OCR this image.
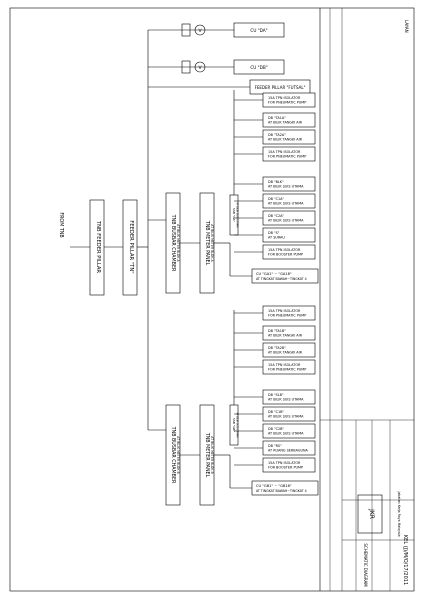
FROM TNB	TNB FEEDER PILLAR	FEEDER PILLAR "TN"
V
V
CU "DA"
CU "DB"
FEEDER PILLAR "FUTSAL"
TNB BUSBAR CHAMBER AT BILIK METER BLOK A	TNB METER PANEL AT BILIK METER BLOK A
SSB "GA" AT BILIK SUIS UTAMA
CU "GA1" ~ "GA18"
AT TINGKAT BAWAH~TINGKAT 4
15A TPN ISOLATOR
FOR PNEUMATIC PUMP
DB "TA1A"
AT BILIK TANGKI AIR
DB "TA2A"
AT BILIK TANGKI AIR
15A TPN ISOLATOR
FOR PNEUMATIC PUMP
DB "BLK"
AT BILIK SUIS UTAMA
DB "C1A"
AT BILIK SUIS UTAMA
DB "C2A"
AT BILIK SUIS UTAMA
DB "S"
AT SURAU
15A TPN ISOLATOR
FOR BOOSTER PUMP
TNB BUSBAR CHAMBER AT BILIK METER BLOK B	TNB METER PANEL AT BILIK METER BLOK B
SSB "GB" AT BILIK SUIS UTAMA
CU "GB1" ~ "GB18"
AT TINGKAT BAWAH~TINGKAT 4
15A TPN ISOLATOR
FOR PNEUMATIC PUMP
DB "TA1B"
AT BILIK TANGKI AIR
DB "TA2B"
AT BILIK TANGKI AIR
15A TPN ISOLATOR
FOR PNEUMATIC PUMP
DB "SLB"
AT BILIK SUIS UTAMA
DB "C1B"
AT BILIK SUIS UTAMA
DB "C2B"
AT BILIK SUIS UTAMA
DB "RS"
AT RUANG SERBAGUNA
15A TPN ISOLATOR
FOR BOOSTER PUMP
JKR	Jabatan Kerja Raya Malaysia
SCHEMATIC DIAGRAM	KEL (J)/M/O/17/2011
LAYAN
